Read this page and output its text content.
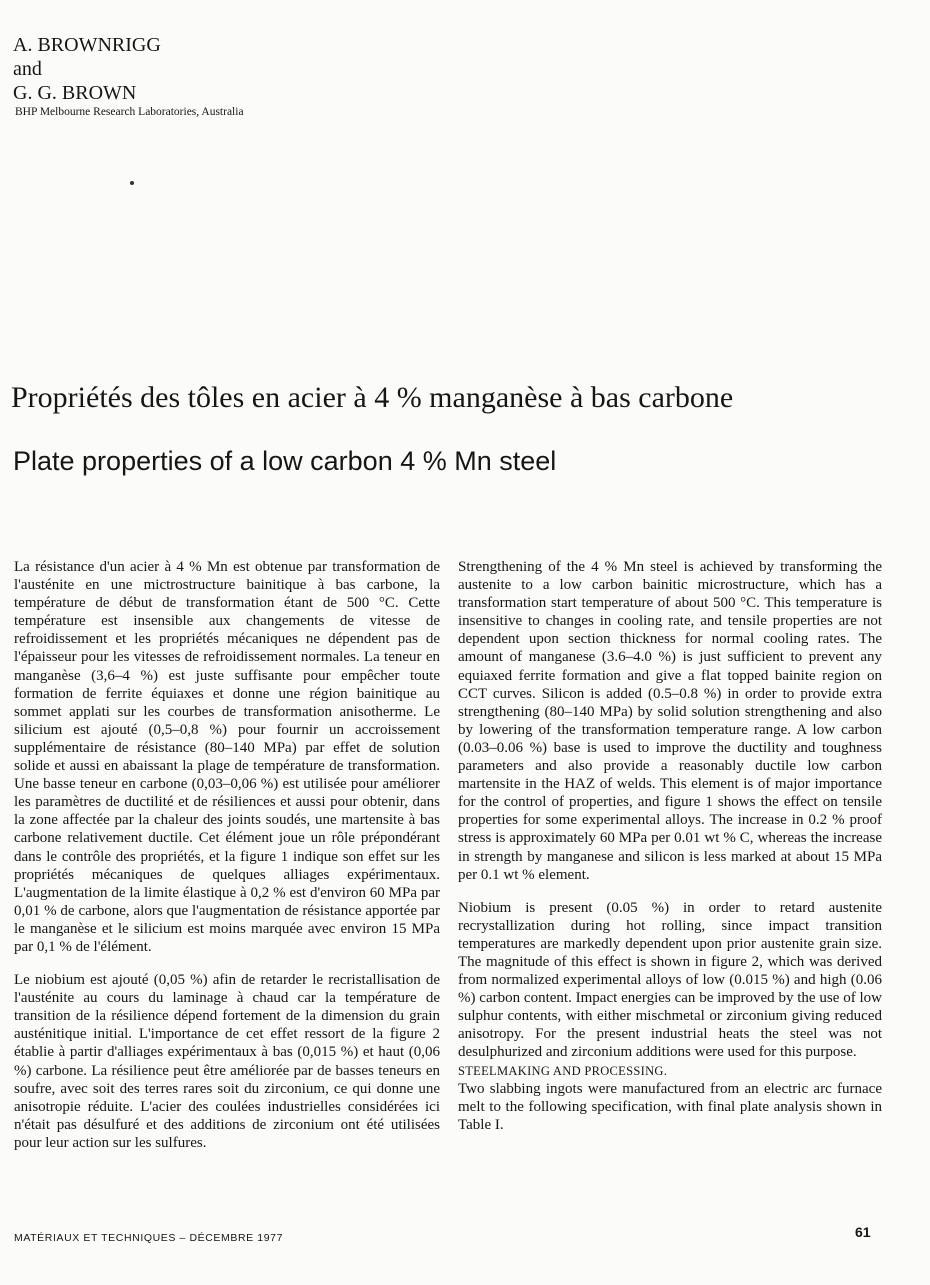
A. BROWNRIGG
and
G. G. BROWN
BHP Melbourne Research Laboratories, Australia
Propriétés des tôles en acier à 4 % manganèse à bas carbone
Plate properties of a low carbon 4 % Mn steel

La résistance d'un acier à 4 % Mn est obtenue par transformation de l'austénite en une mictrostructure bainitique à bas carbone, la température de début de transformation étant de 500 °C. Cette température est insensible aux changements de vitesse de refroidissement et les propriétés mécaniques ne dépendent pas de l'épaisseur pour les vitesses de refroidissement normales. La teneur en manganèse (3,6–4 %) est juste suffisante pour empêcher toute formation de ferrite équiaxes et donne une région bainitique au sommet applati sur les courbes de transformation anisotherme. Le silicium est ajouté (0,5–0,8 %) pour fournir un accroissement supplémentaire de résistance (80–140 MPa) par effet de solution solide et aussi en abaissant la plage de température de transformation. Une basse teneur en carbone (0,03–0,06 %) est utilisée pour améliorer les paramètres de ductilité et de résiliences et aussi pour obtenir, dans la zone affectée par la chaleur des joints soudés, une martensite à bas carbone relativement ductile. Cet élément joue un rôle prépondérant dans le contrôle des propriétés, et la figure 1 indique son effet sur les propriétés mécaniques de quelques alliages expérimentaux. L'augmentation de la limite élastique à 0,2 % est d'environ 60 MPa par 0,01 % de carbone, alors que l'augmentation de résistance apportée par le manganèse et le silicium est moins marquée avec environ 15 MPa par 0,1 % de l'élément.

Le niobium est ajouté (0,05 %) afin de retarder le recristallisation de l'austénite au cours du laminage à chaud car la température de transition de la résilience dépend fortement de la dimension du grain austénitique initial. L'importance de cet effet ressort de la figure 2 établie à partir d'alliages expérimentaux à bas (0,015 %) et haut (0,06 %) carbone. La résilience peut être améliorée par de basses teneurs en soufre, avec soit des terres rares soit du zirconium, ce qui donne une anisotropie réduite. L'acier des coulées industrielles considérées ici n'était pas désulfuré et des additions de zirconium ont été utilisées pour leur action sur les sulfures.

Strengthening of the 4 % Mn steel is achieved by transforming the austenite to a low carbon bainitic microstructure, which has a transformation start temperature of about 500 °C. This temperature is insensitive to changes in cooling rate, and tensile properties are not dependent upon section thickness for normal cooling rates. The amount of manganese (3.6–4.0 %) is just sufficient to prevent any equiaxed ferrite formation and give a flat topped bainite region on CCT curves. Silicon is added (0.5–0.8 %) in order to provide extra strengthening (80–140 MPa) by solid solution strengthening and also by lowering of the transformation temperature range. A low carbon (0.03–0.06 %) base is used to improve the ductility and toughness parameters and also provide a reasonably ductile low carbon martensite in the HAZ of welds. This element is of major importance for the control of properties, and figure 1 shows the effect on tensile properties for some experimental alloys. The increase in 0.2 % proof stress is approximately 60 MPa per 0.01 wt % C, whereas the increase in strength by manganese and silicon is less marked at about 15 MPa per 0.1 wt % element.

Niobium is present (0.05 %) in order to retard austenite recrystallization during hot rolling, since impact transition temperatures are markedly dependent upon prior austenite grain size. The magnitude of this effect is shown in figure 2, which was derived from normalized experimental alloys of low (0.015 %) and high (0.06 %) carbon content. Impact energies can be improved by the use of low sulphur contents, with either mischmetal or zirconium giving reduced anisotropy. For the present industrial heats the steel was not desulphurized and zirconium additions were used for this purpose.

STEELMAKING AND PROCESSING.

Two slabbing ingots were manufactured from an electric arc furnace melt to the following specification, with final plate analysis shown in Table I.

MATÉRIAUX ET TECHNIQUES – DÉCEMBRE 1977	61
